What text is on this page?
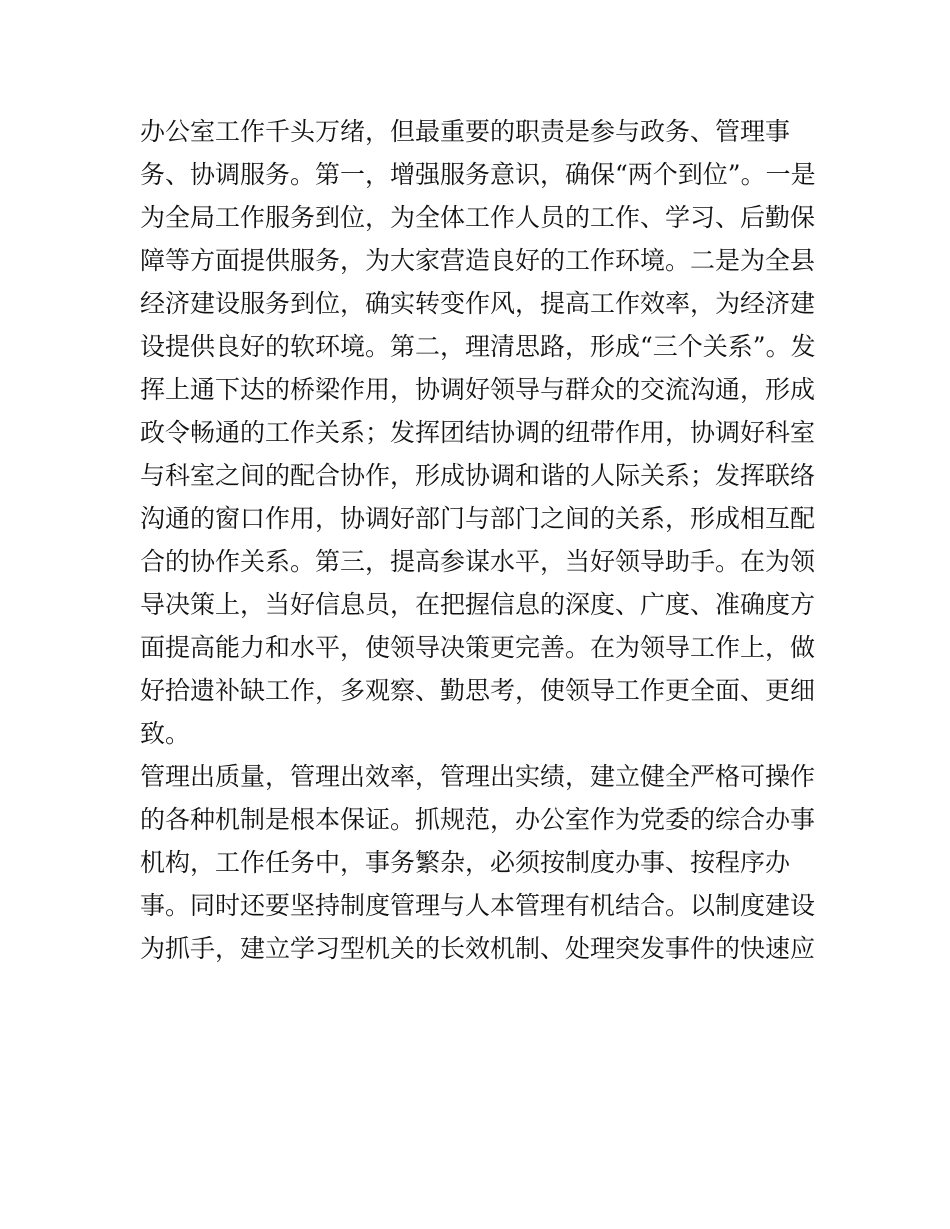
办公室工作千头万绪，但最重要的职责是参与政务、管理事
务、协调服务。第一，增强服务意识，确保“两个到位”。一是
为全局工作服务到位，为全体工作人员的工作、学习、后勤保
障等方面提供服务，为大家营造良好的工作环境。二是为全县
经济建设服务到位，确实转变作风，提高工作效率，为经济建
设提供良好的软环境。第二，理清思路，形成“三个关系”。发
挥上通下达的桥梁作用，协调好领导与群众的交流沟通，形成
政令畅通的工作关系；发挥团结协调的纽带作用，协调好科室
与科室之间的配合协作，形成协调和谐的人际关系；发挥联络
沟通的窗口作用，协调好部门与部门之间的关系，形成相互配
合的协作关系。第三，提高参谋水平，当好领导助手。在为领
导决策上，当好信息员，在把握信息的深度、广度、准确度方
面提高能力和水平，使领导决策更完善。在为领导工作上，做
好拾遗补缺工作，多观察、勤思考，使领导工作更全面、更细
致。
管理出质量，管理出效率，管理出实绩，建立健全严格可操作
的各种机制是根本保证。抓规范，办公室作为党委的综合办事
机构，工作任务中，事务繁杂，必须按制度办事、按程序办
事。同时还要坚持制度管理与人本管理有机结合。以制度建设
为抓手，建立学习型机关的长效机制、处理突发事件的快速应
